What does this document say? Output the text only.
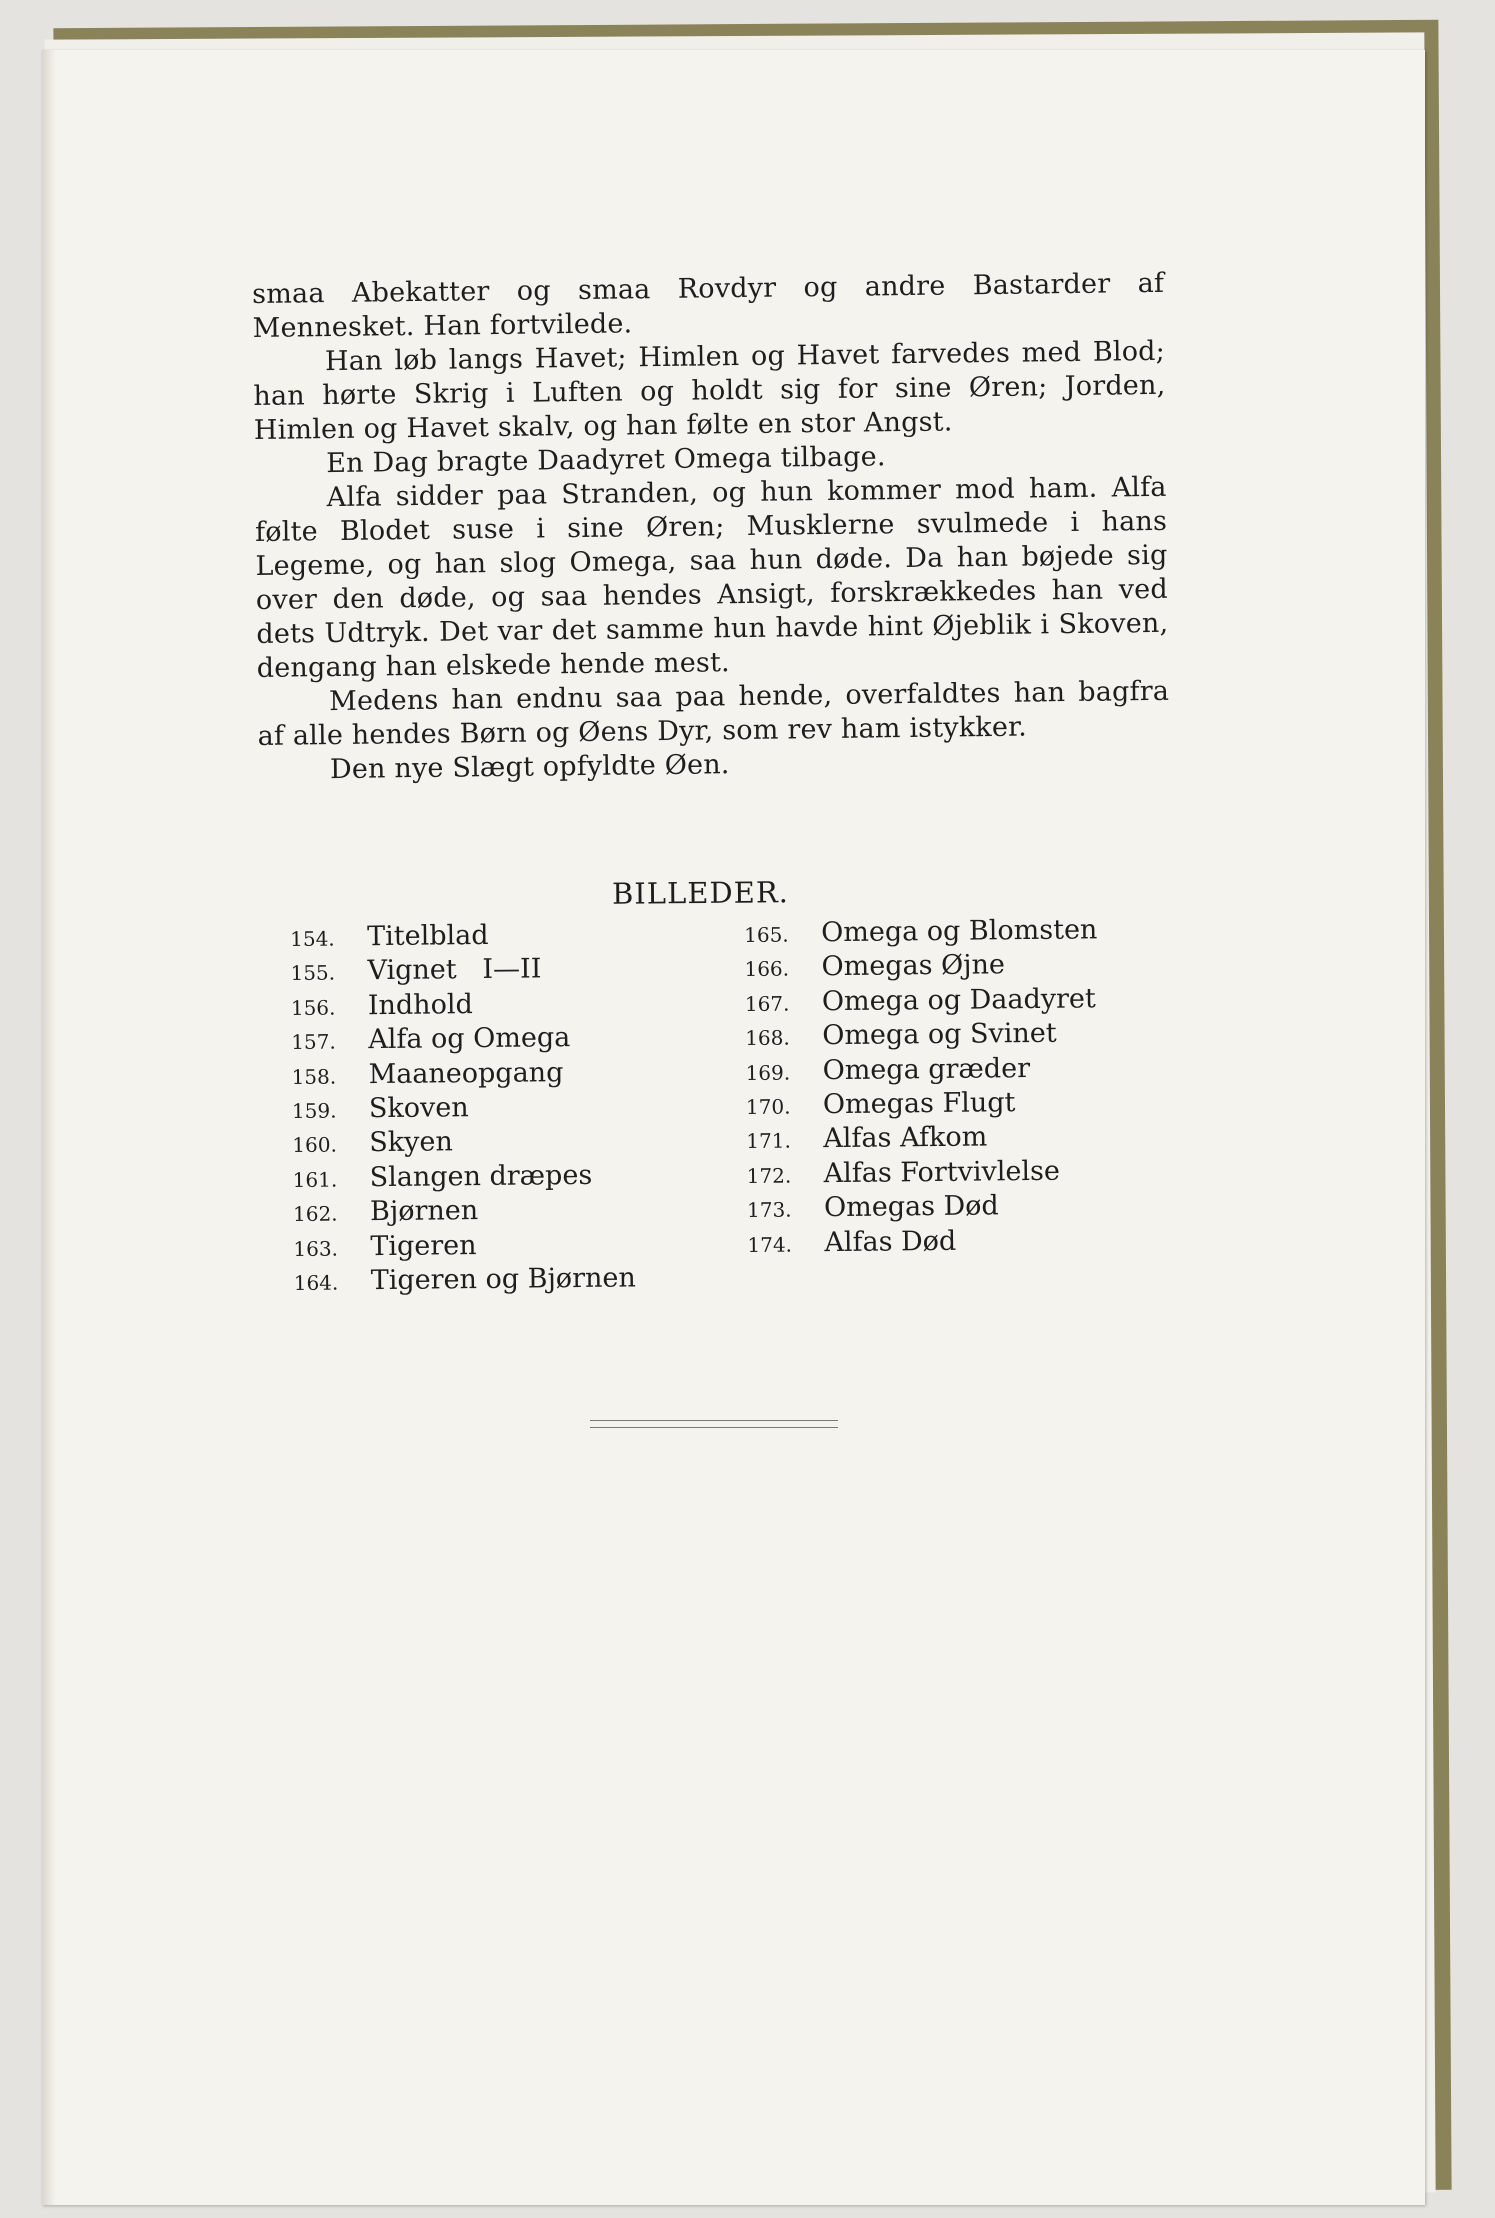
smaa Abekatter og smaa Rovdyr og andre Bastarder af Mennesket. Han fortvilede.

Han løb langs Havet; Himlen og Havet farvedes med Blod; han hørte Skrig i Luften og holdt sig for sine Øren; Jorden, Himlen og Havet skalv, og han følte en stor Angst.

En Dag bragte Daadyret Omega tilbage.

Alfa sidder paa Stranden, og hun kommer mod ham. Alfa følte Blodet suse i sine Øren; Musklerne svulmede i hans Legeme, og han slog Omega, saa hun døde. Da han bøjede sig over den døde, og saa hendes Ansigt, forskrækkedes han ved dets Udtryk. Det var det samme hun havde hint Øjeblik i Skoven, dengang han elskede hende mest.

Medens han endnu saa paa hende, overfaldtes han bagfra af alle hendes Børn og Øens Dyr, som rev ham istykker.

Den nye Slægt opfyldte Øen.

BILLEDER.
154.	Titelblad
155.	Vignet   I—II
156.	Indhold
157.	Alfa og Omega
158.	Maaneopgang
159.	Skoven
160.	Skyen
161.	Slangen dræpes
162.	Bjørnen
163.	Tigeren
164.	Tigeren og Bjørnen
165.	Omega og Blomsten
166.	Omegas Øjne
167.	Omega og Daadyret
168.	Omega og Svinet
169.	Omega græder
170.	Omegas Flugt
171.	Alfas Afkom
172.	Alfas Fortvivlelse
173.	Omegas Død
174.	Alfas Død
